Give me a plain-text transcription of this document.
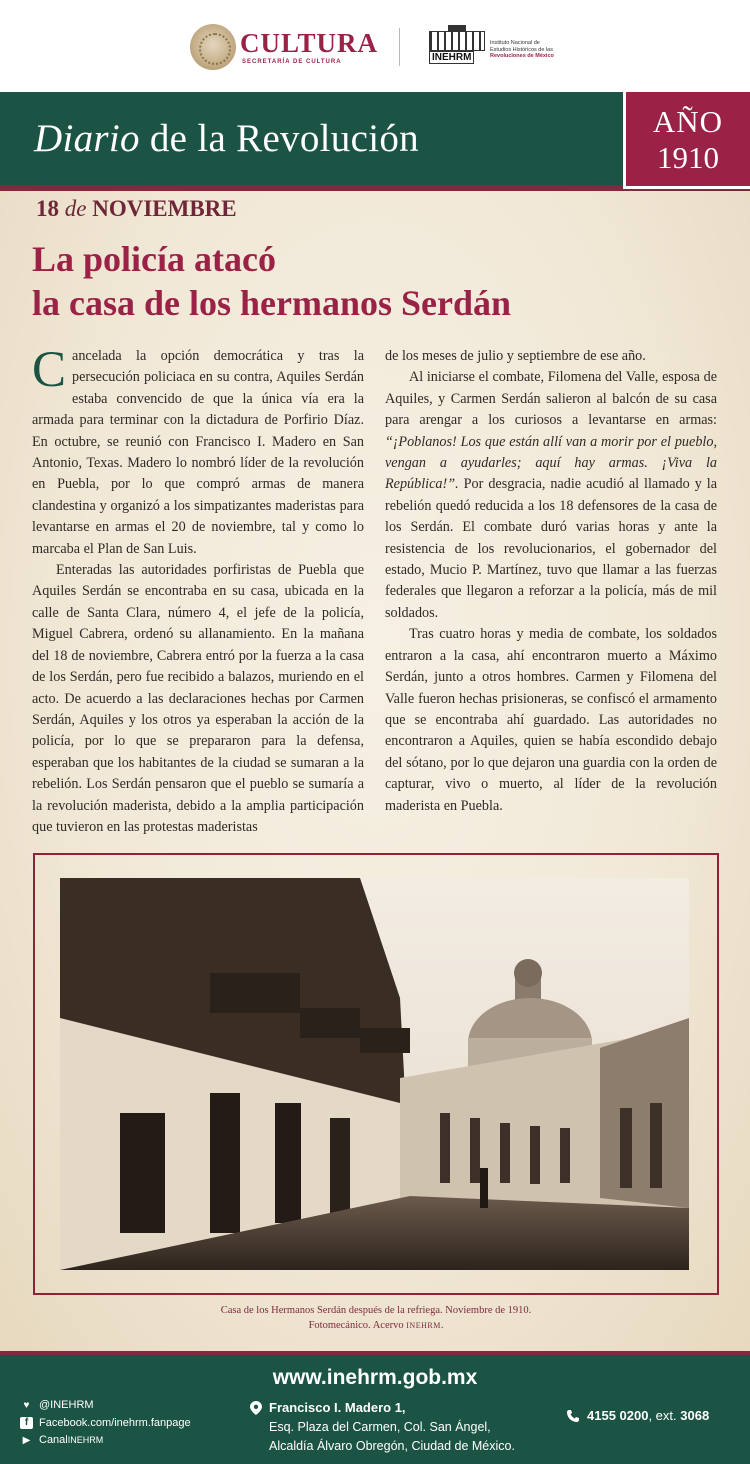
CULTURA
SECRETARÍA DE CULTURA	INEHRM
Instituto Nacional de
Estudios Históricos de las
Revoluciones de México
Diario de la Revolución	AÑO
1910
18 de NOVIEMBRE
La policía atacó
la casa de los hermanos Serdán

Cancelada la opción democrática y tras la persecución policiaca en su contra, Aquiles Serdán estaba convencido de que la única vía era la armada para terminar con la dictadura de Porfirio Díaz. En octubre, se reunió con Francisco I. Madero en San Antonio, Texas. Madero lo nombró líder de la revolución en Puebla, por lo que compró armas de manera clandestina y organizó a los simpatizantes maderistas para levantarse en armas el 20 de noviembre, tal y como lo marcaba el Plan de San Luis.

Enteradas las autoridades porfiristas de Puebla que Aquiles Serdán se encontraba en su casa, ubicada en la calle de Santa Clara, número 4, el jefe de la policía, Miguel Cabrera, ordenó su allanamiento. En la mañana del 18 de noviembre, Cabrera entró por la fuerza a la casa de los Serdán, pero fue recibido a balazos, muriendo en el acto. De acuerdo a las declaraciones hechas por Carmen Serdán, Aquiles y los otros ya esperaban la acción de la policía, por lo que se prepararon para la defensa, esperaban que los habitantes de la ciudad se sumaran a la rebelión. Los Serdán pensaron que el pueblo se sumaría a la revolución maderista, debido a la amplia participación que tuvieron en las protestas maderistas

de los meses de julio y septiembre de ese año.

Al iniciarse el combate, Filomena del Valle, esposa de Aquiles, y Carmen Serdán salieron al balcón de su casa para arengar a los curiosos a levantarse en armas: “¡Poblanos! Los que están allí van a morir por el pueblo, vengan a ayudarles; aquí hay armas. ¡Viva la República!”. Por desgracia, nadie acudió al llamado y la rebelión quedó reducida a los 18 defensores de la casa de los Serdán. El combate duró varias horas y ante la resistencia de los revolucionarios, el gobernador del estado, Mucio P. Martínez, tuvo que llamar a las fuerzas federales que llegaron a reforzar a la policía, más de mil soldados.

Tras cuatro horas y media de combate, los soldados entraron a la casa, ahí encontraron muerto a Máximo Serdán, junto a otros hombres. Carmen y Filomena del Valle fueron hechas prisioneras, se confiscó el armamento que se encontraba ahí guardado. Las autoridades no encontraron a Aquiles, quien se había escondido debajo del sótano, por lo que dejaron una guardia con la orden de capturar, vivo o muerto, al líder de la revolución maderista en Puebla.

Casa de los Hermanos Serdán después de la refriega. Noviembre de 1910.
Fotomecánico. Acervo INEHRM.
www.inehrm.gob.mx
♥ @INEHRM
f Facebook.com/inehrm.fanpage
▶ Canal INEHRM
Francisco I. Madero 1,
Esq. Plaza del Carmen, Col. San Ángel,
Alcaldía Álvaro Obregón, Ciudad de México.
4155 0200, ext. 3068
